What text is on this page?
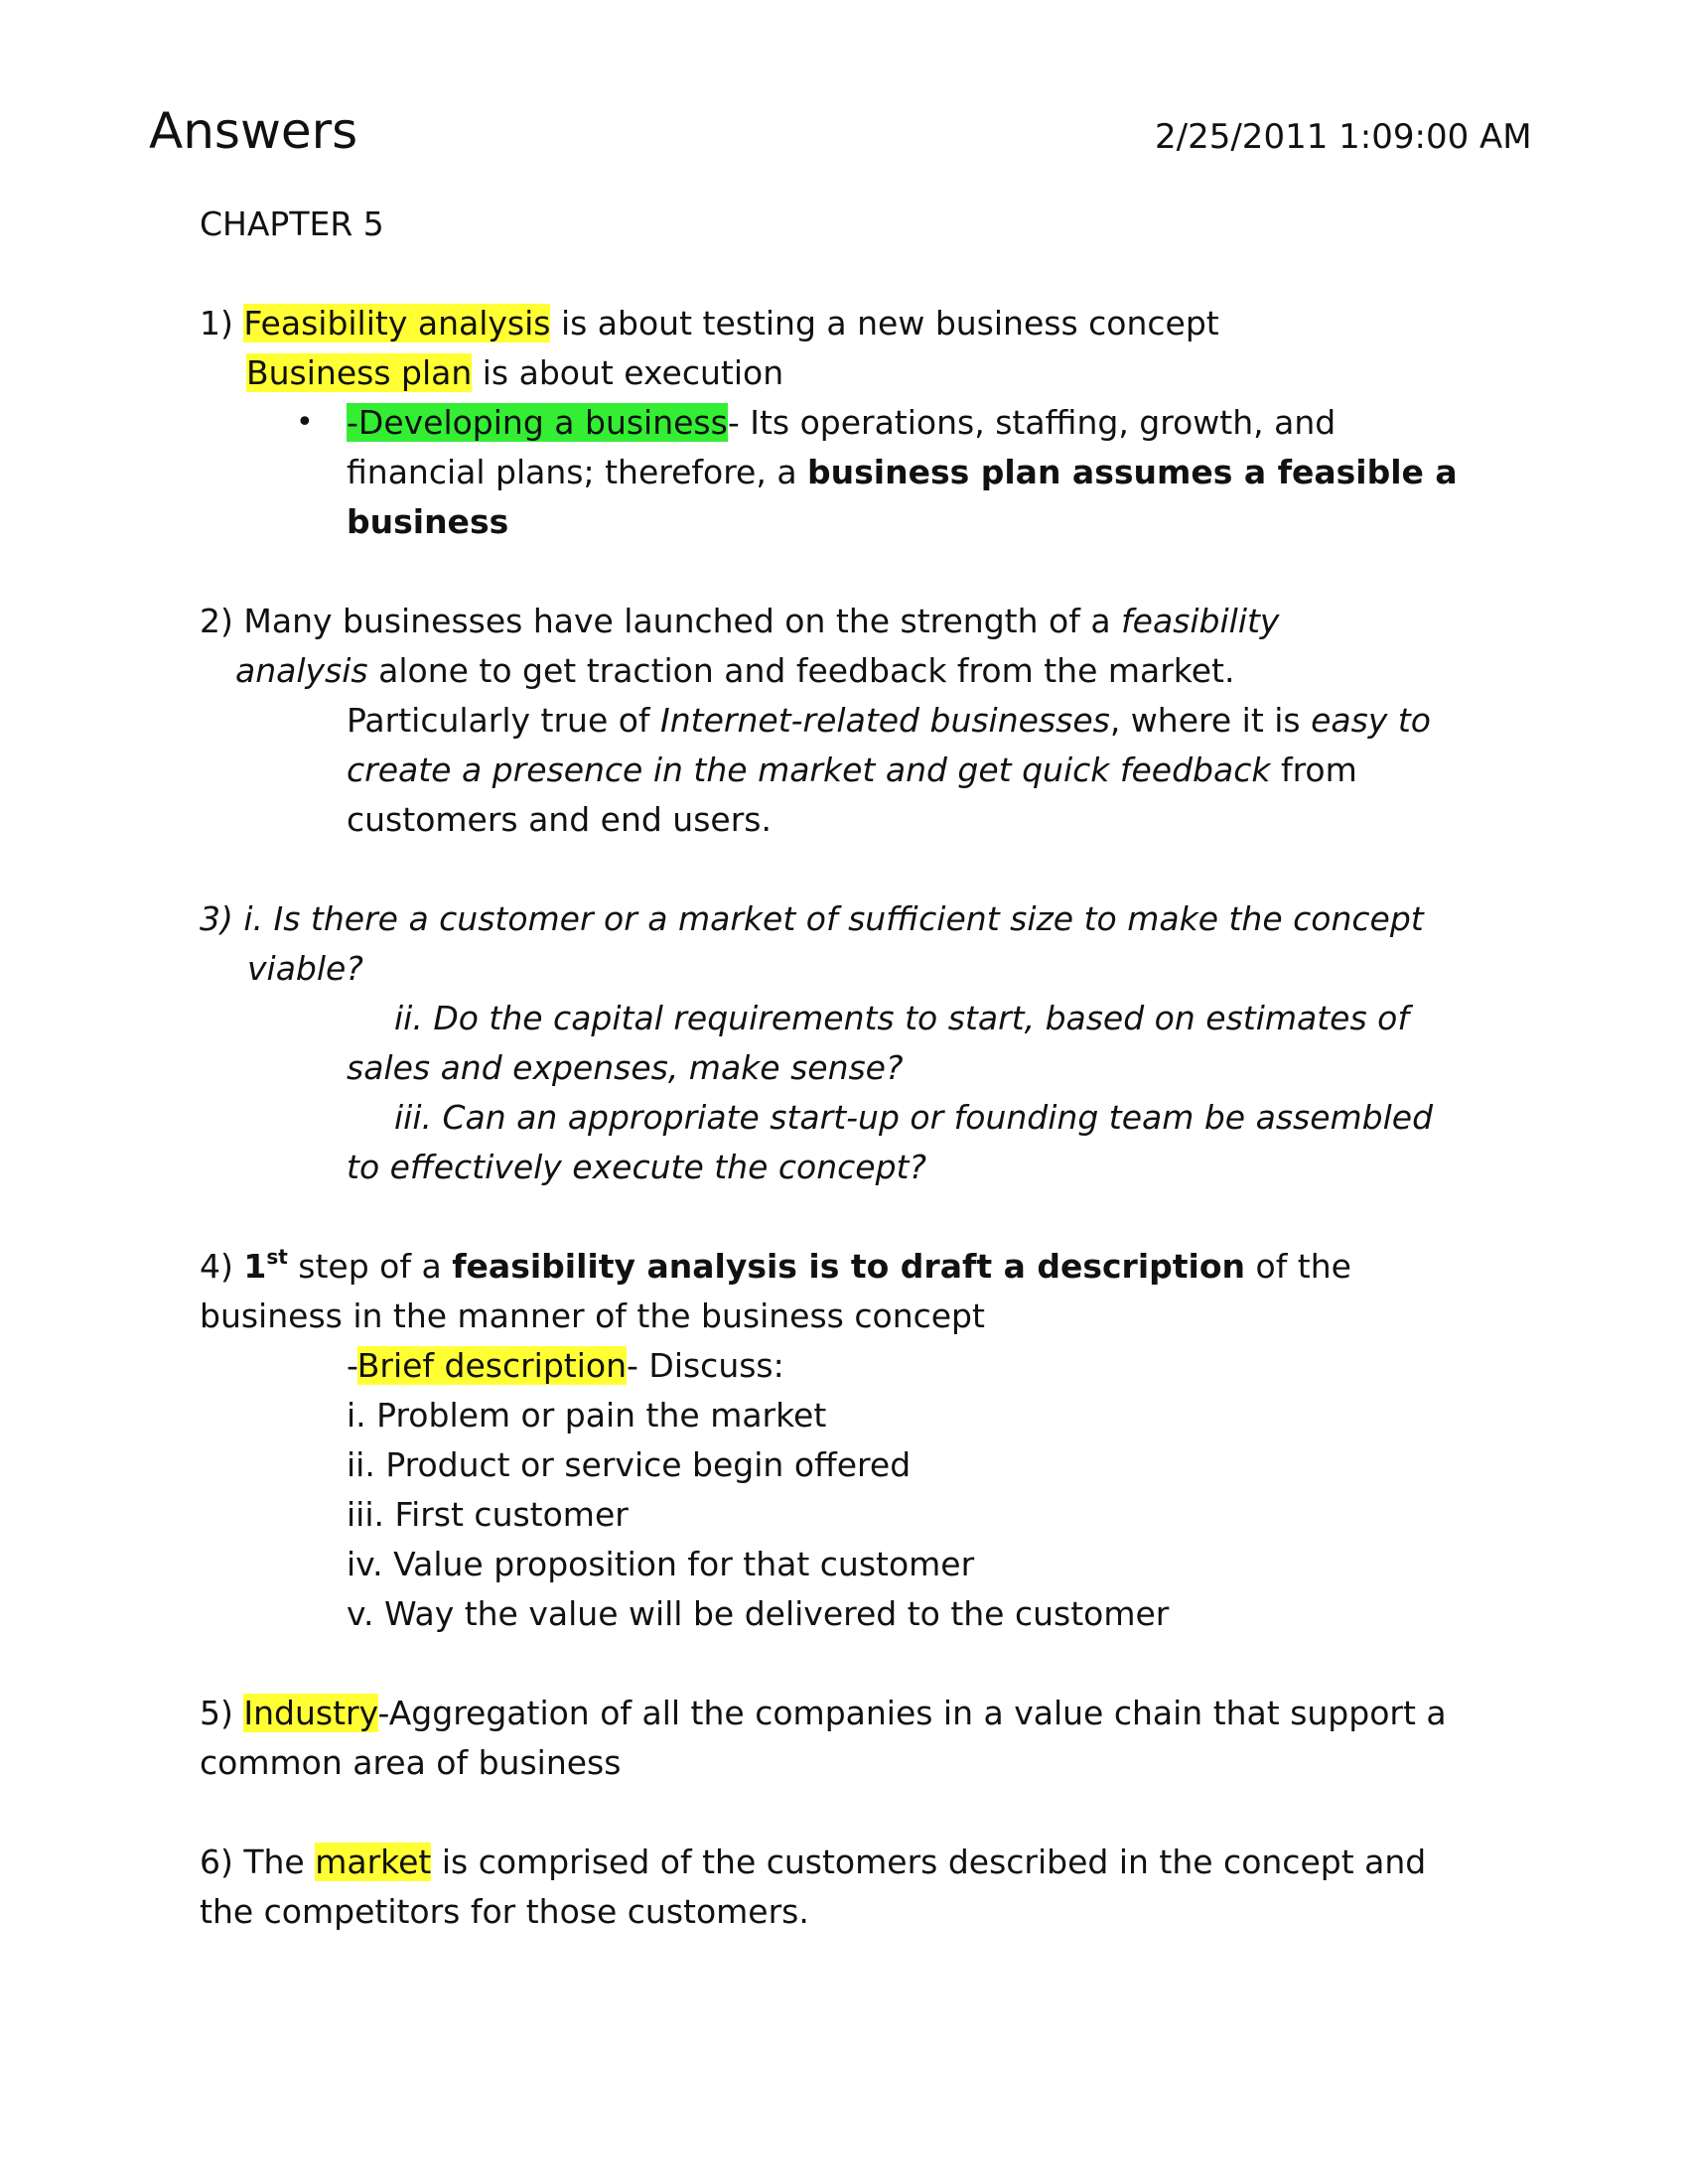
Answers	2/25/2011 1:09:00 AM
CHAPTER 5
1) Feasibility analysis is about testing a new business concept
Business plan is about execution
• -Developing a business- Its operations, staffing, growth, and
financial plans; therefore, a business plan assumes a feasible a
business
2) Many businesses have launched on the strength of a feasibility
analysis alone to get traction and feedback from the market.
Particularly true of Internet-related businesses, where it is easy to
create a presence in the market and get quick feedback from
customers and end users.
3) i. Is there a customer or a market of sufficient size to make the concept
viable?
ii. Do the capital requirements to start, based on estimates of
sales and expenses, make sense?
iii. Can an appropriate start-up or founding team be assembled
to effectively execute the concept?
4) 1st step of a feasibility analysis is to draft a description of the
business in the manner of the business concept
-Brief description- Discuss:
i. Problem or pain the market
ii. Product or service begin offered
iii. First customer
iv. Value proposition for that customer
v. Way the value will be delivered to the customer
5) Industry-Aggregation of all the companies in a value chain that support a
common area of business
6) The market is comprised of the customers described in the concept and
the competitors for those customers.
